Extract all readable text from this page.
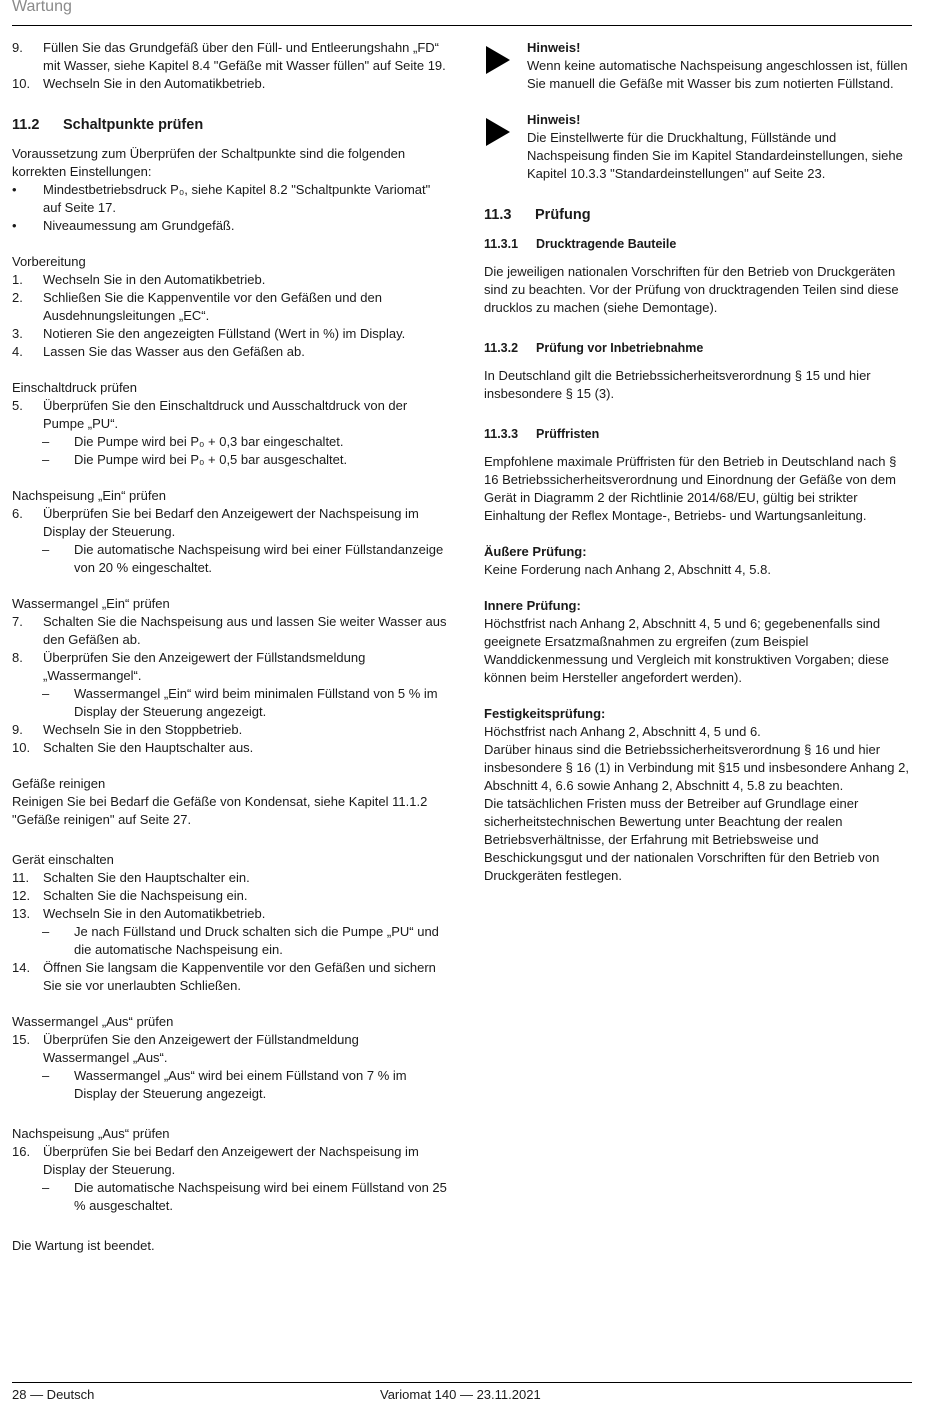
Wartung
9. Füllen Sie das Grundgefäß über den Füll- und Entleerungshahn „FD“ mit Wasser, siehe Kapitel 8.4 "Gefäße mit Wasser füllen" auf Seite 19.
10. Wechseln Sie in den Automatikbetrieb.
11.2 Schaltpunkte prüfen

Voraussetzung zum Überprüfen der Schaltpunkte sind die folgenden korrekten Einstellungen:

• Mindestbetriebsdruck P₀, siehe Kapitel 8.2 "Schaltpunkte Variomat" auf Seite 17.
• Niveaumessung am Grundgefäß.

Vorbereitung

1. Wechseln Sie in den Automatikbetrieb.
2. Schließen Sie die Kappenventile vor den Gefäßen und den Ausdehnungsleitungen „EC“.
3. Notieren Sie den angezeigten Füllstand (Wert in %) im Display.
4. Lassen Sie das Wasser aus den Gefäßen ab.

Einschaltdruck prüfen

5. Überprüfen Sie den Einschaltdruck und Ausschaltdruck von der Pumpe „PU“.
– Die Pumpe wird bei P₀ + 0,3 bar eingeschaltet.
– Die Pumpe wird bei P₀ + 0,5 bar ausgeschaltet.

Nachspeisung „Ein“ prüfen

6. Überprüfen Sie bei Bedarf den Anzeigewert der Nachspeisung im Display der Steuerung.
– Die automatische Nachspeisung wird bei einer Füllstandanzeige von 20 % eingeschaltet.

Wassermangel „Ein“ prüfen

7. Schalten Sie die Nachspeisung aus und lassen Sie weiter Wasser aus den Gefäßen ab.
8. Überprüfen Sie den Anzeigewert der Füllstandsmeldung „Wassermangel“.
– Wassermangel „Ein“ wird beim minimalen Füllstand von 5 % im Display der Steuerung angezeigt.
9. Wechseln Sie in den Stoppbetrieb.
10. Schalten Sie den Hauptschalter aus.

Gefäße reinigen

Reinigen Sie bei Bedarf die Gefäße von Kondensat, siehe Kapitel 11.1.2 "Gefäße reinigen" auf Seite 27.

Gerät einschalten

11. Schalten Sie den Hauptschalter ein.
12. Schalten Sie die Nachspeisung ein.
13. Wechseln Sie in den Automatikbetrieb.
– Je nach Füllstand und Druck schalten sich die Pumpe „PU“ und die automatische Nachspeisung ein.
14. Öffnen Sie langsam die Kappenventile vor den Gefäßen und sichern Sie sie vor unerlaubten Schließen.

Wassermangel „Aus“ prüfen

15. Überprüfen Sie den Anzeigewert der Füllstandmeldung Wassermangel „Aus“.
– Wassermangel „Aus“ wird bei einem Füllstand von 7 % im Display der Steuerung angezeigt.

Nachspeisung „Aus“ prüfen

16. Überprüfen Sie bei Bedarf den Anzeigewert der Nachspeisung im Display der Steuerung.
– Die automatische Nachspeisung wird bei einem Füllstand von 25 % ausgeschaltet.

Die Wartung ist beendet.

Hinweis!

Wenn keine automatische Nachspeisung angeschlossen ist, füllen Sie manuell die Gefäße mit Wasser bis zum notierten Füllstand.

Hinweis!

Die Einstellwerte für die Druckhaltung, Füllstände und Nachspeisung finden Sie im Kapitel Standardeinstellungen, siehe Kapitel 10.3.3 "Standardeinstellungen" auf Seite 23.

11.3 Prüfung
11.3.1 Drucktragende Bauteile

Die jeweiligen nationalen Vorschriften für den Betrieb von Druckgeräten sind zu beachten. Vor der Prüfung von drucktragenden Teilen sind diese drucklos zu machen (siehe Demontage).

11.3.2 Prüfung vor Inbetriebnahme

In Deutschland gilt die Betriebssicherheitsverordnung § 15 und hier insbesondere § 15 (3).

11.3.3 Prüffristen

Empfohlene maximale Prüffristen für den Betrieb in Deutschland nach § 16 Betriebssicherheitsverordnung und Einordnung der Gefäße von dem Gerät in Diagramm 2 der Richtlinie 2014/68/EU, gültig bei strikter Einhaltung der Reflex Montage-, Betriebs- und Wartungsanleitung.

Äußere Prüfung:

Keine Forderung nach Anhang 2, Abschnitt 4, 5.8.

Innere Prüfung:

Höchstfrist nach Anhang 2, Abschnitt 4, 5 und 6; gegebenenfalls sind geeignete Ersatzmaßnahmen zu ergreifen (zum Beispiel Wanddickenmessung und Vergleich mit konstruktiven Vorgaben; diese können beim Hersteller angefordert werden).

Festigkeitsprüfung:

Höchstfrist nach Anhang 2, Abschnitt 4, 5 und 6.

Darüber hinaus sind die Betriebssicherheitsverordnung § 16 und hier insbesondere § 16 (1) in Verbindung mit §15 und insbesondere Anhang 2, Abschnitt 4, 6.6 sowie Anhang 2, Abschnitt 4, 5.8 zu beachten.

Die tatsächlichen Fristen muss der Betreiber auf Grundlage einer sicherheitstechnischen Bewertung unter Beachtung der realen Betriebsverhältnisse, der Erfahrung mit Betriebsweise und Beschickungsgut und der nationalen Vorschriften für den Betrieb von Druckgeräten festlegen.

28 — Deutsch	Variomat 140 — 23.11.2021
